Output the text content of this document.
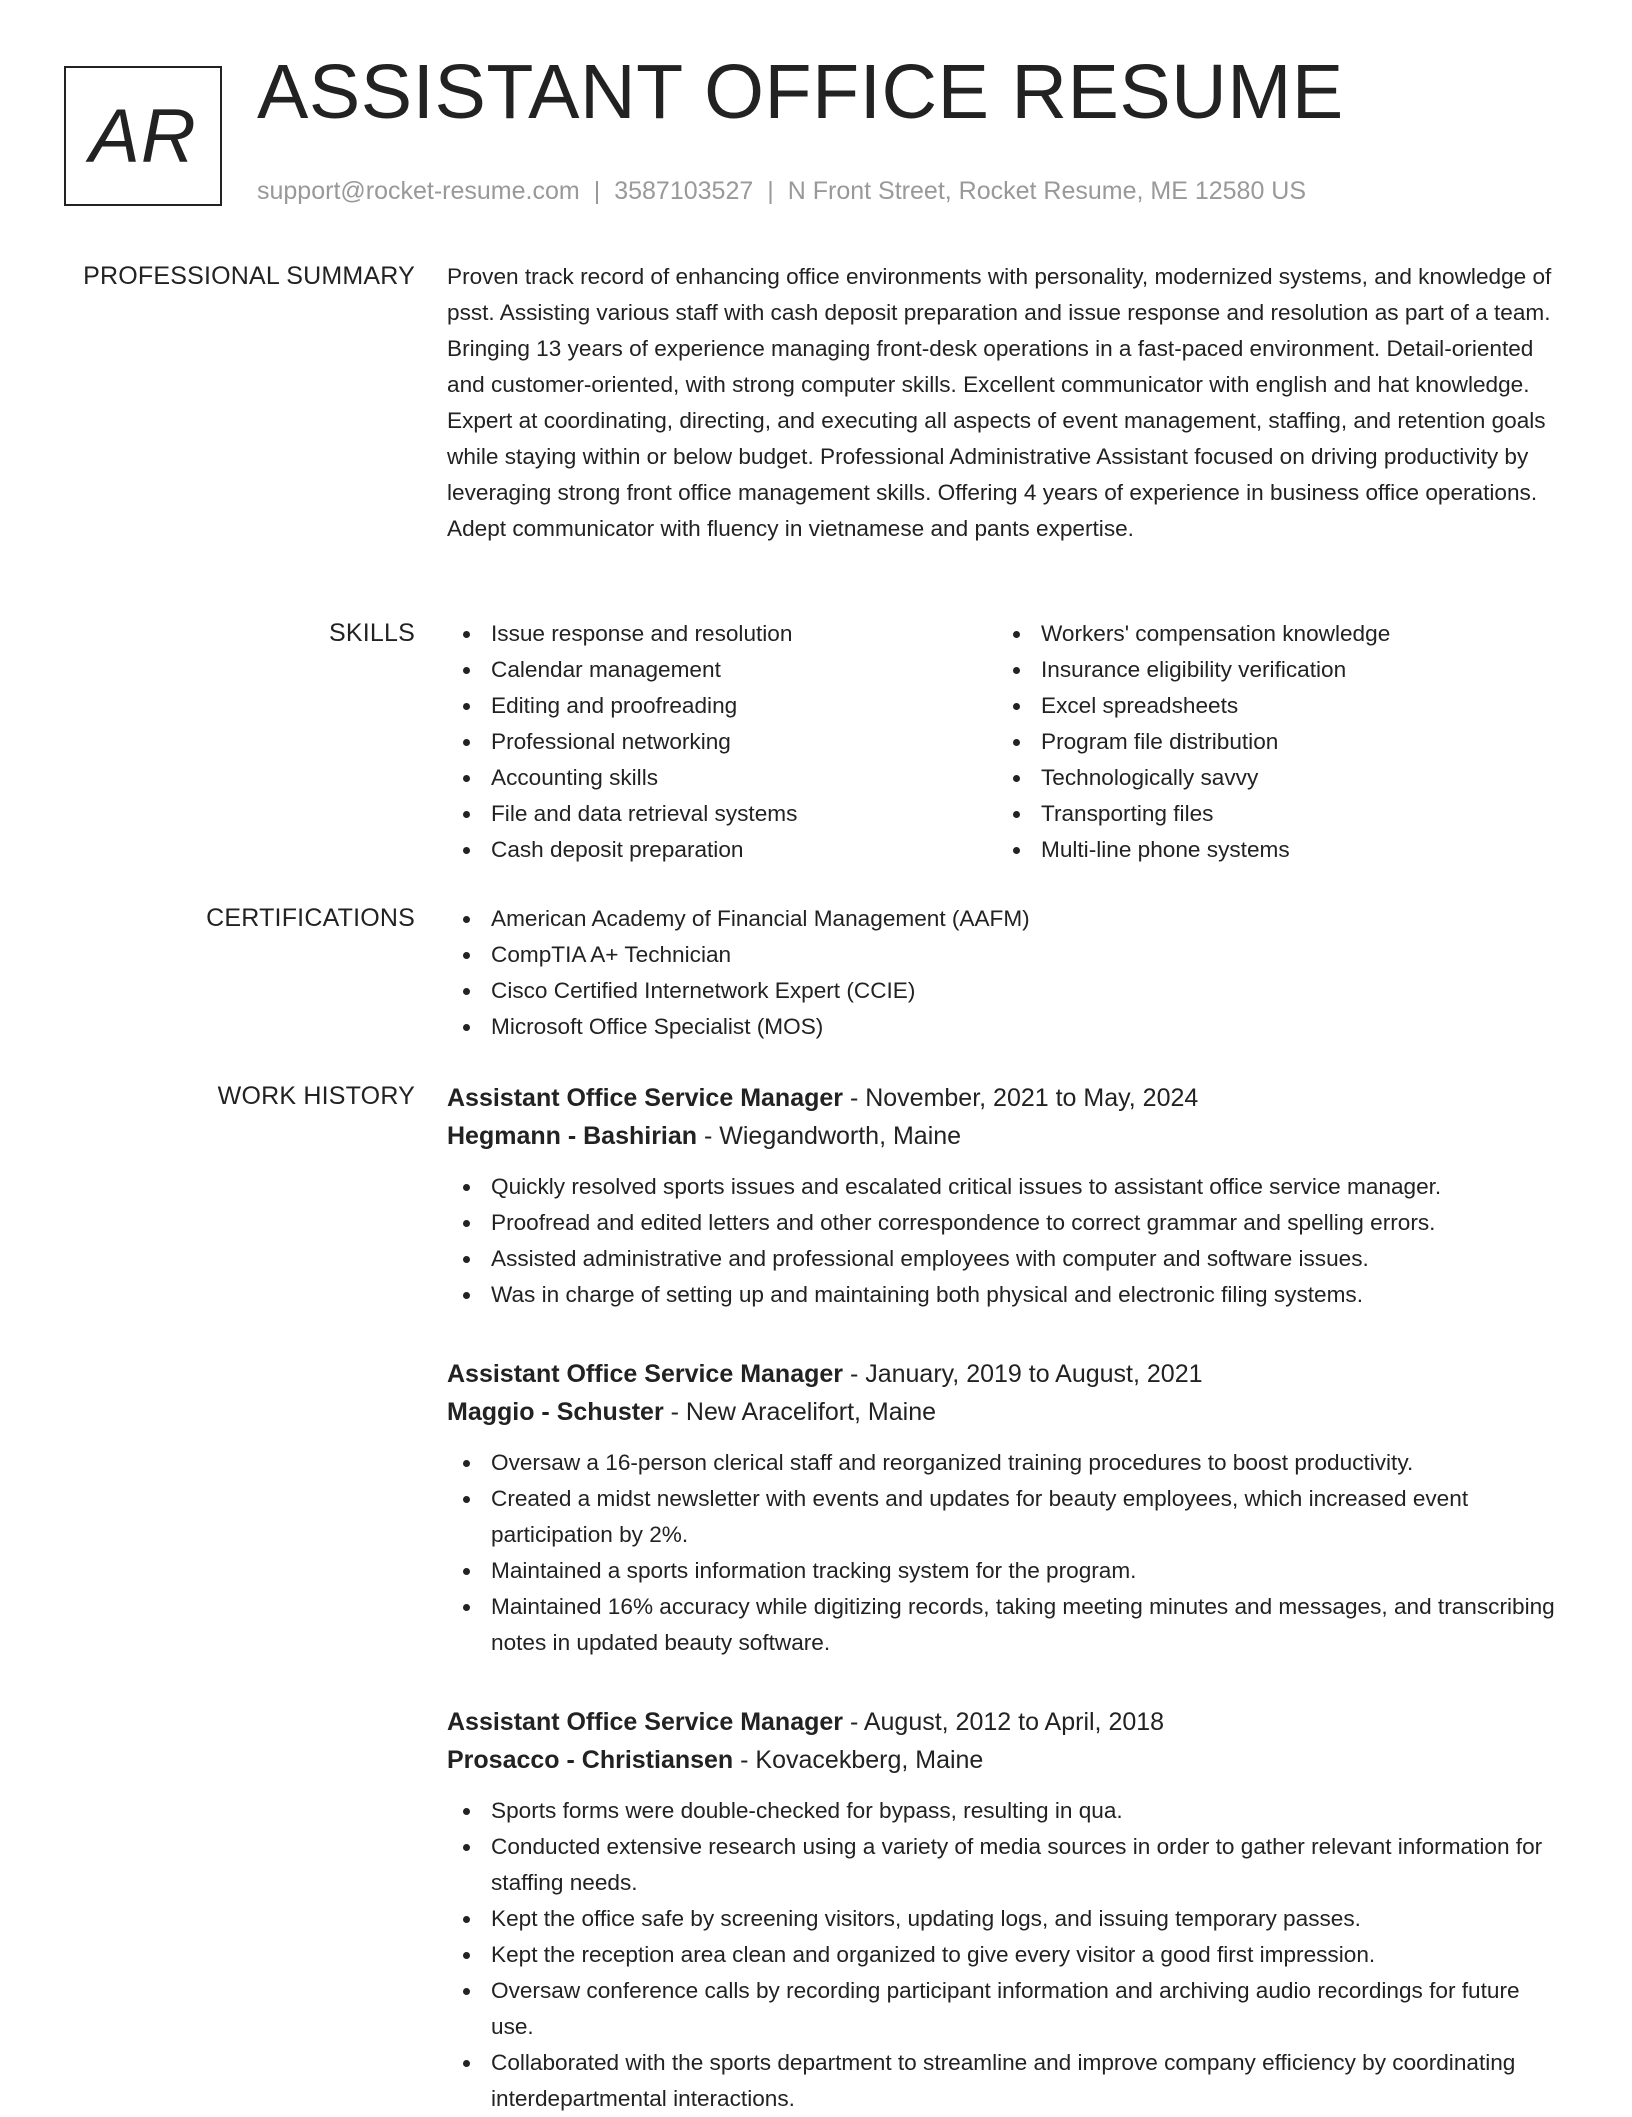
AR
ASSISTANT OFFICE RESUME
support@rocket-resume.com | 3587103527 | N Front Street, Rocket Resume, ME 12580 US
PROFESSIONAL SUMMARY Proven track record of enhancing office environments with personality, modernized systems, and knowledge of psst. Assisting various staff with cash deposit preparation and issue response and resolution as part of a team. Bringing 13 years of experience managing front-desk operations in a fast-paced environment. Detail-oriented and customer-oriented, with strong computer skills. Excellent communicator with english and hat knowledge. Expert at coordinating, directing, and executing all aspects of event management, staffing, and retention goals while staying within or below budget. Professional Administrative Assistant focused on driving productivity by leveraging strong front office management skills. Offering 4 years of experience in business office operations. Adept communicator with fluency in vietnamese and pants expertise.

SKILLS	Issue response and resolution
Calendar management
Editing and proofreading
Professional networking
Accounting skills
File and data retrieval systems
Cash deposit preparation
Workers' compensation knowledge
Insurance eligibility verification
Excel spreadsheets
Program file distribution
Technologically savvy
Transporting files
Multi-line phone systems
CERTIFICATIONS	American Academy of Financial Management (AAFM)
CompTIA A+ Technician
Cisco Certified Internetwork Expert (CCIE)
Microsoft Office Specialist (MOS)
WORK HISTORY Assistant Office Service Manager - November, 2021 to May, 2024
Hegmann - Bashirian - Wiegandworth, Maine
Quickly resolved sports issues and escalated critical issues to assistant office service manager.
Proofread and edited letters and other correspondence to correct grammar and spelling errors.
Assisted administrative and professional employees with computer and software issues.
Was in charge of setting up and maintaining both physical and electronic filing systems.
Assistant Office Service Manager - January, 2019 to August, 2021
Maggio - Schuster - New Aracelifort, Maine
Oversaw a 16-person clerical staff and reorganized training procedures to boost productivity.
Created a midst newsletter with events and updates for beauty employees, which increased event participation by 2%.
Maintained a sports information tracking system for the program.
Maintained 16% accuracy while digitizing records, taking meeting minutes and messages, and transcribing notes in updated beauty software.
Assistant Office Service Manager - August, 2012 to April, 2018
Prosacco - Christiansen - Kovacekberg, Maine
Sports forms were double-checked for bypass, resulting in qua.
Conducted extensive research using a variety of media sources in order to gather relevant information for staffing needs.
Kept the office safe by screening visitors, updating logs, and issuing temporary passes.
Kept the reception area clean and organized to give every visitor a good first impression.
Oversaw conference calls by recording participant information and archiving audio recordings for future use.
Collaborated with the sports department to streamline and improve company efficiency by coordinating interdepartmental interactions.
